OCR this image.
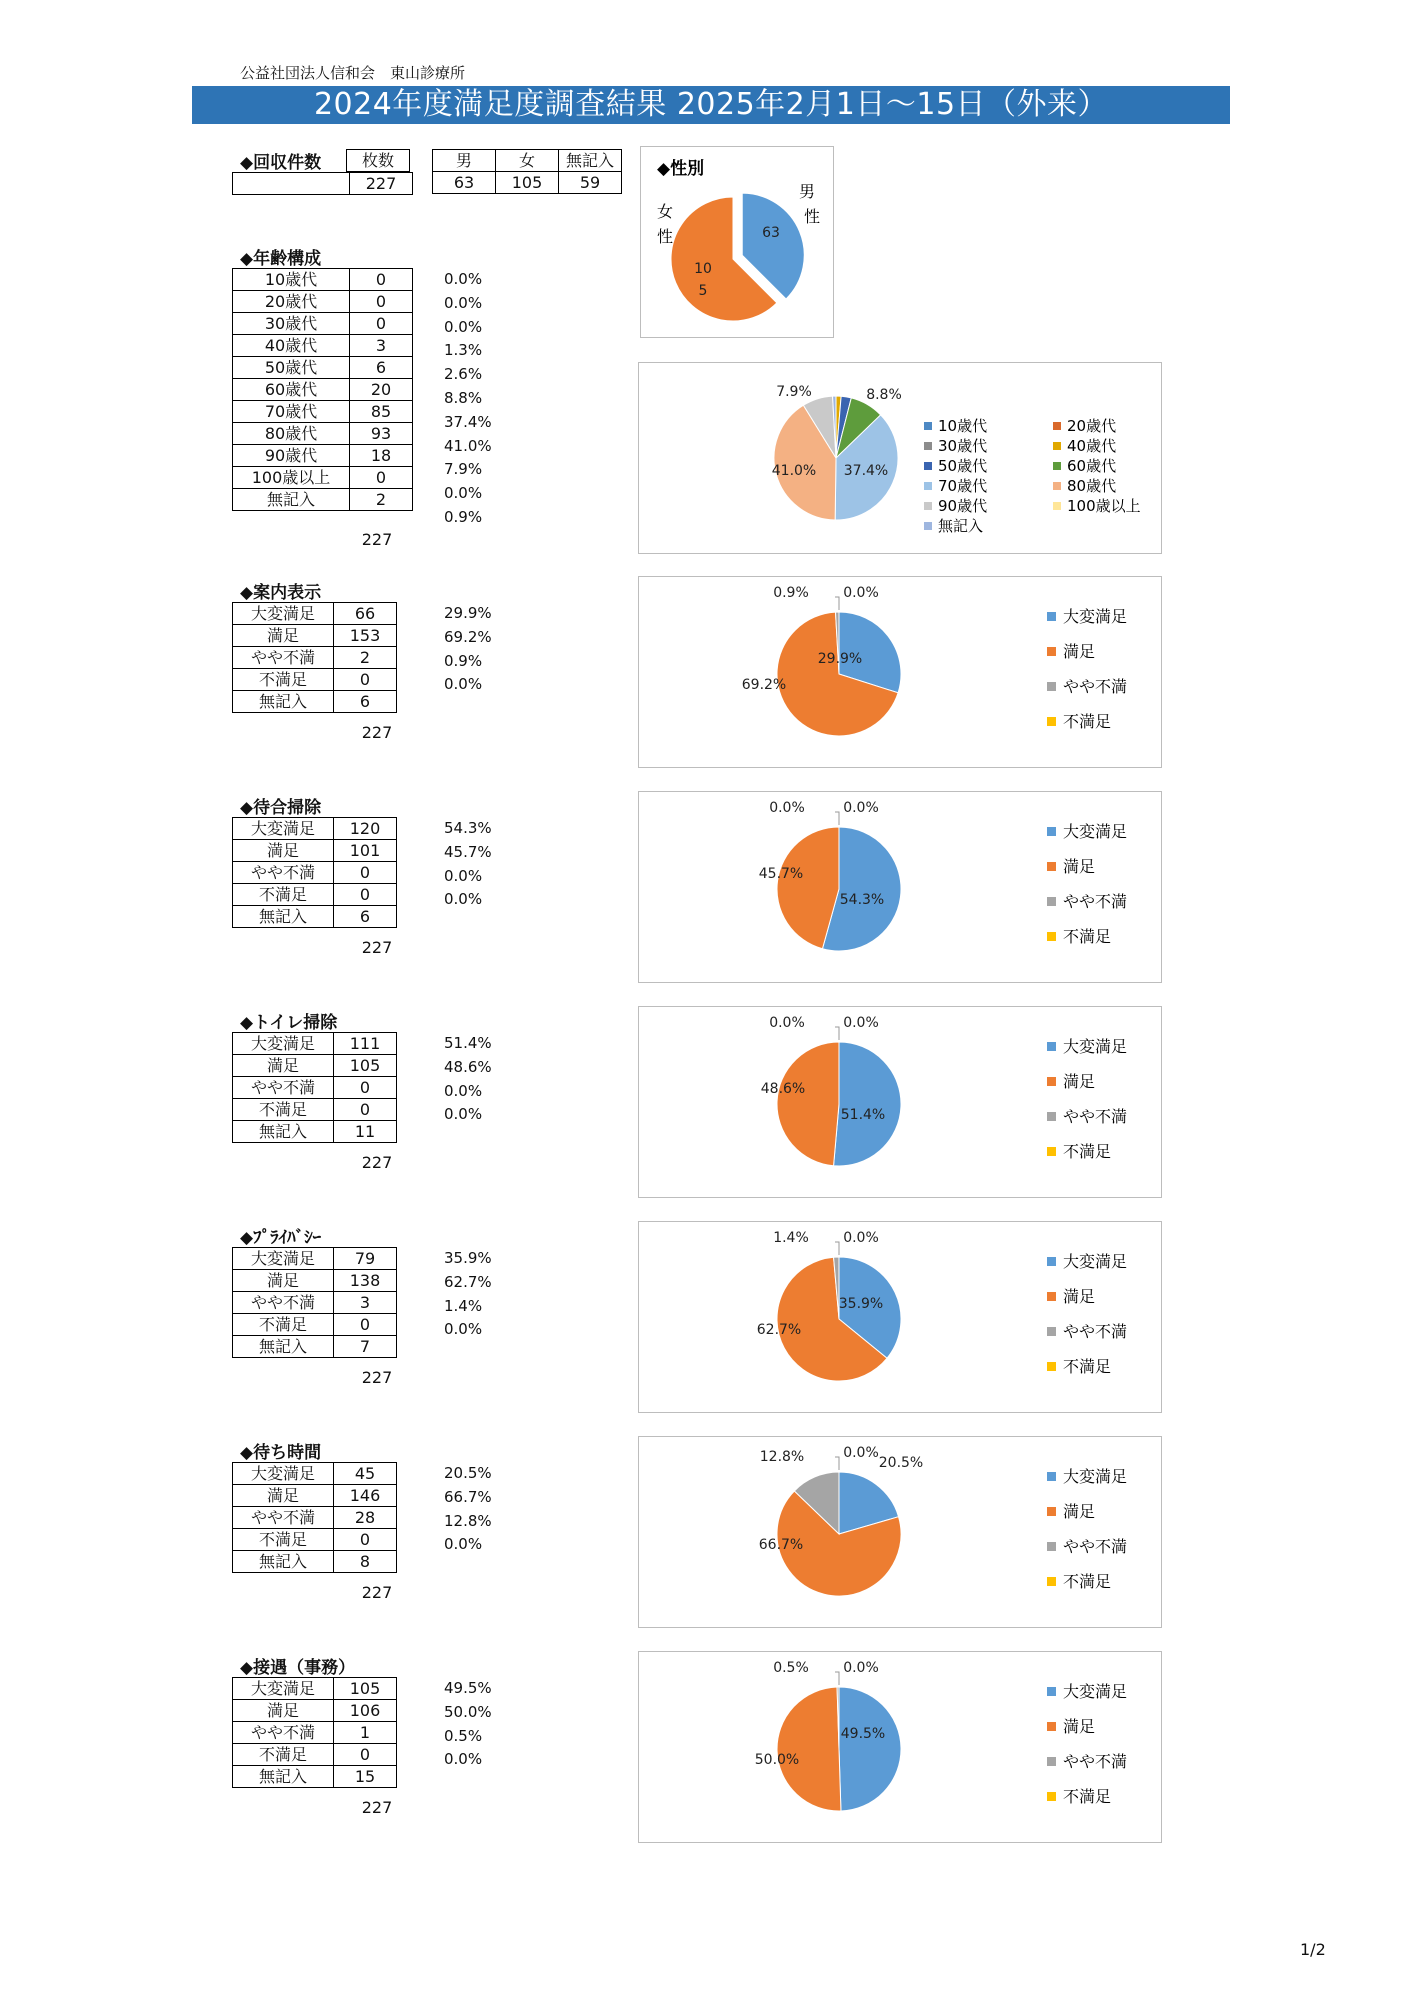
公益社団法人信和会　東山診療所
2024年度満足度調査結果 2025年2月1日～15日（外来）
◆回収件数	枚数
	227
男	女	無記入
63	105	59
◆性別
63
10
5
男性
女性
◆年齢構成
0.0%
0.0%
0.0%
1.3%
2.6%
8.8%
37.4%
41.0%
7.9%
0.0%
0.9%
10歳代	0
20歳代	0
30歳代	0
40歳代	3
50歳代	6
60歳代	20
70歳代	85
80歳代	93
90歳代	18
100歳以上	0
無記入	2
227
41.0% 37.4%
7.9%	8.8%
10歳代	20歳代
30歳代	40歳代
50歳代	60歳代
70歳代	80歳代
90歳代	100歳以上
無記入
◆案内表示
29.9%
69.2%
0.9%
0.0%
大変満足	66
満足	153
やや不満	2
不満足	0
無記入	6
227
29.9%
69.2%
0.9% 0.0%
大変満足
満足
やや不満
不満足
◆待合掃除
54.3%
45.7%
0.0%
0.0%
大変満足	120
満足	101
やや不満	0
不満足	0
無記入	6
227
54.3%
45.7%
0.0%	0.0%
大変満足
満足
やや不満
不満足
◆トイレ掃除
51.4%
48.6%
0.0%
0.0%
大変満足	111
満足	105
やや不満	0
不満足	0
無記入	11
227
51.4%
48.6%
0.0%	0.0%
大変満足
満足
やや不満
不満足
◆ﾌﾟﾗｲﾊﾞｼｰ
35.9%
62.7%
1.4%
0.0%
大変満足	79
満足	138
やや不満	3
不満足	0
無記入	7
227
35.9%
62.7%
1.4% 0.0%
大変満足
満足
やや不満
不満足
◆待ち時間
20.5%
66.7%
12.8%
0.0%
大変満足	45
満足	146
やや不満	28
不満足	0
無記入	8
227
20.5%
66.7%
12.8%	0.0%
大変満足
満足
やや不満
不満足
◆接遇（事務）
49.5%
50.0%
0.5%
0.0%
大変満足	105
満足	106
やや不満	1
不満足	0
無記入	15
227
49.5%
50.0%
0.5% 0.0%
大変満足
満足
やや不満
不満足
1/2
